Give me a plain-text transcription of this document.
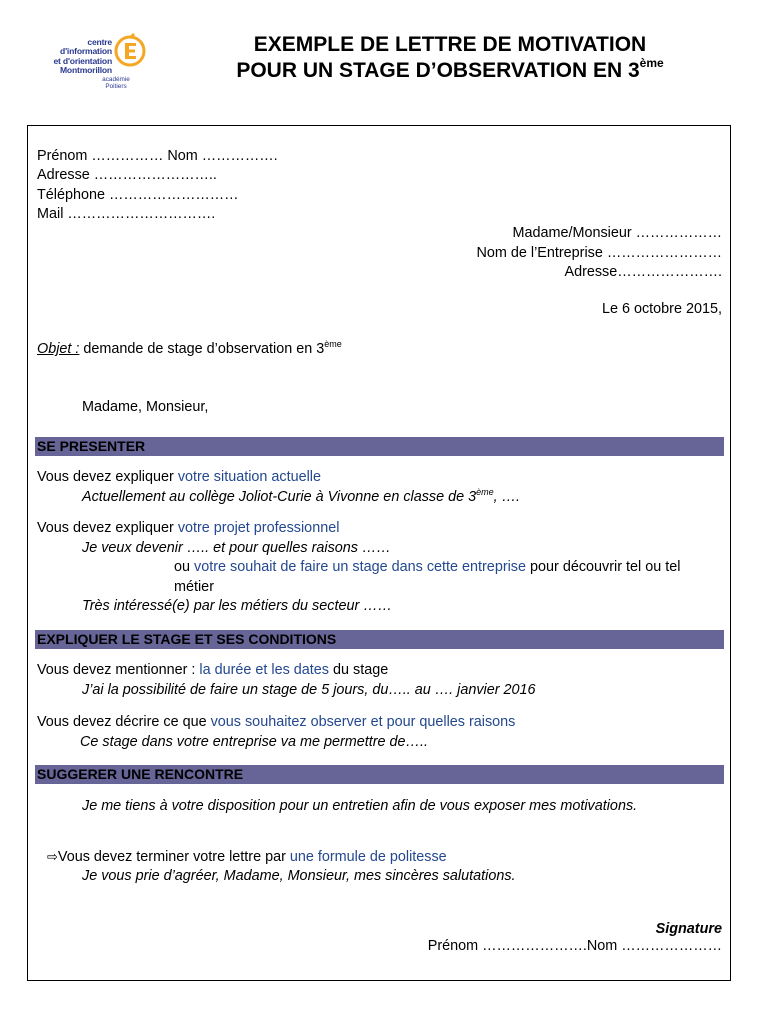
centre d'information
et d'orientation
Montmorillon
académie
Poitiers
EXEMPLE DE LETTRE DE MOTIVATION
POUR UN STAGE D’OBSERVATION EN 3ème
Prénom …………… Nom …………….
Adresse ……………………..
Téléphone ………………………
Mail ………………………….
Madame/Monsieur ………………
Nom de l’Entreprise ……………………
Adresse………………….
Le 6 octobre 2015,
Objet : demande de stage d’observation en 3ème
Madame, Monsieur,
SE PRESENTER
Vous devez expliquer votre situation actuelle
Actuellement au collège Joliot-Curie à Vivonne en classe de 3ème, ….
Vous devez expliquer votre projet professionnel
Je veux devenir ….. et pour quelles raisons ……
ou votre souhait de faire un stage dans cette entreprise pour découvrir tel ou tel
métier
Très intéressé(e) par les métiers du secteur ……
EXPLIQUER LE STAGE ET SES CONDITIONS
Vous devez mentionner : la durée et les dates du stage
J’ai la possibilité de faire un stage de 5 jours, du….. au …. janvier 2016
Vous devez décrire ce que vous souhaitez observer et pour quelles raisons
Ce stage dans votre entreprise va me permettre de…..
SUGGERER UNE RENCONTRE
Je me tiens à votre disposition pour un entretien afin de vous exposer mes motivations.
⇨Vous devez terminer votre lettre par une formule de politesse
Je vous prie d’agréer, Madame, Monsieur, mes sincères salutations.
Signature
Prénom ………………….Nom …………………
